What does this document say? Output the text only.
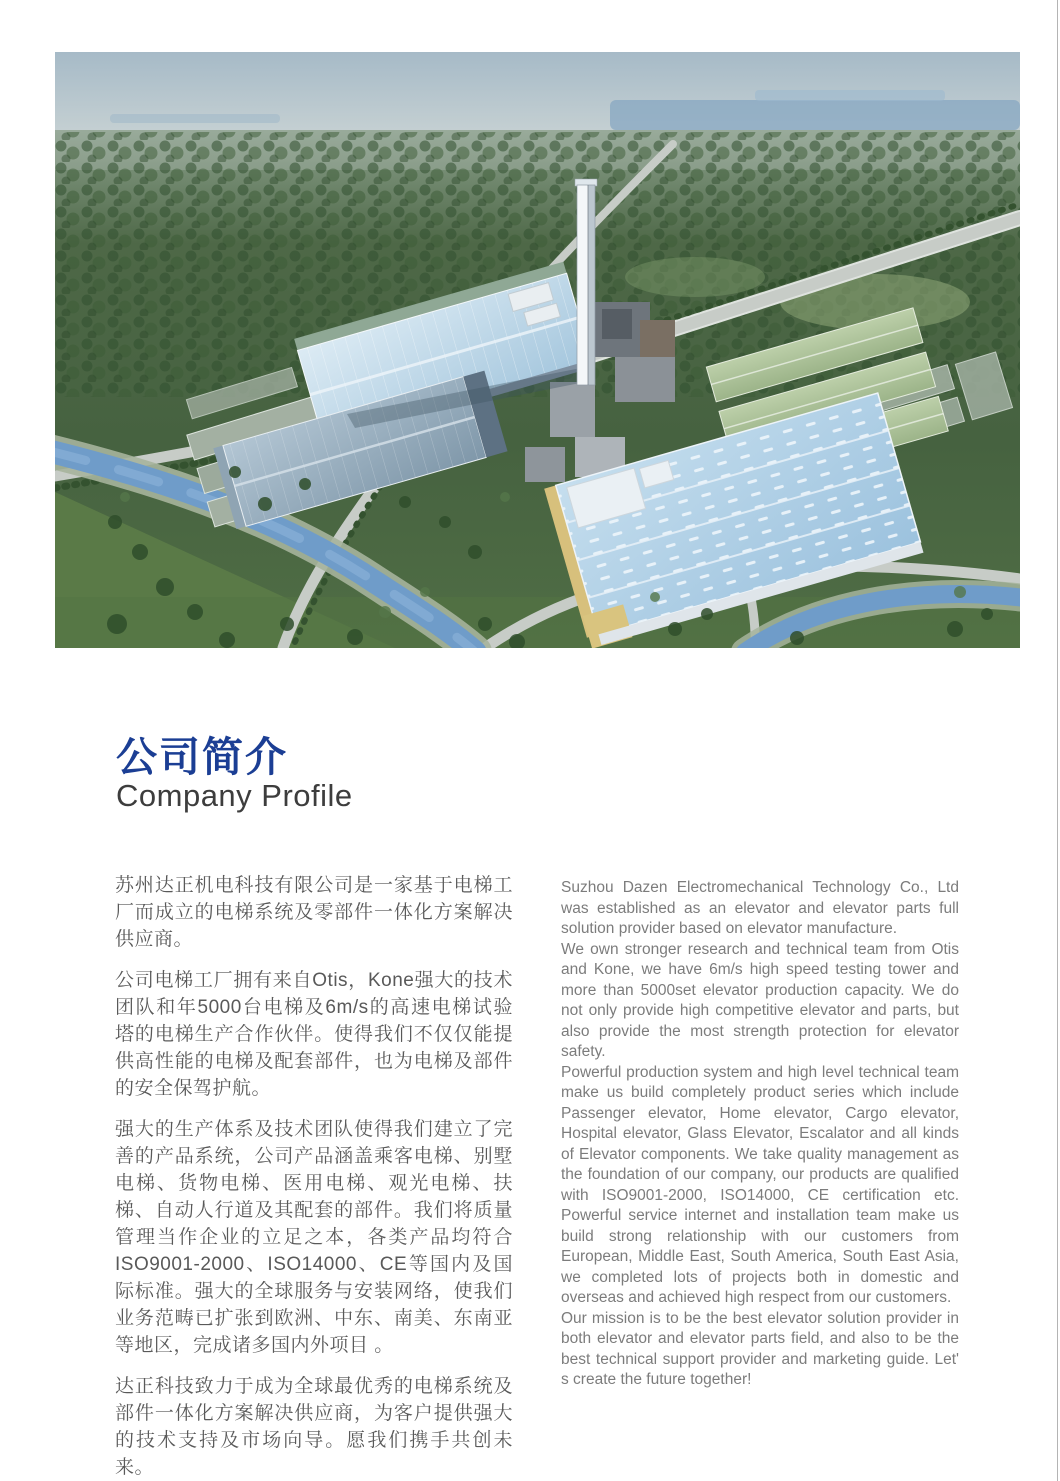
公司简介
Company Profile

苏州达正机电科技有限公司是一家基于电梯工厂而成立的电梯系统及零部件一体化方案解决供应商。

公司电梯工厂拥有来自Otis，Kone强大的技术团队和年5000台电梯及6m/s的高速电梯试验塔的电梯生产合作伙伴。使得我们不仅仅能提供高性能的电梯及配套部件，也为电梯及部件的安全保驾护航。

强大的生产体系及技术团队使得我们建立了完善的产品系统，公司产品涵盖乘客电梯、别墅电梯、货物电梯、医用电梯、观光电梯、扶梯、自动人行道及其配套的部件。我们将质量管理当作企业的立足之本，各类产品均符合ISO9001-2000、ISO14000、CE等国内及国际标准。强大的全球服务与安装网络，使我们业务范畴已扩张到欧洲、中东、南美、东南亚等地区，完成诸多国内外项目 。

达正科技致力于成为全球最优秀的电梯系统及部件一体化方案解决供应商，为客户提供强大的技术支持及市场向导。愿我们携手共创未来。

Suzhou Dazen Electromechanical Technology Co., Ltd was established as an elevator and elevator parts full solution provider based on elevator manufacture.

We own stronger research and technical team from Otis and Kone, we have 6m/s high speed testing tower and more than 5000set elevator production capacity. We do not only provide high competitive elevator and parts, but also provide the most strength protection for elevator safety.

Powerful production system and high level technical team make us build completely product series which include Passenger elevator, Home elevator, Cargo elevator, Hospital elevator, Glass Elevator, Escalator and all kinds of Elevator components. We take quality management as the foundation of our company, our products are qualified with ISO9001-2000, ISO14000, CE certification etc. Powerful service internet and installation team make us build strong relationship with our customers from European, Middle East, South America, South East Asia, we completed lots of projects both in domestic and overseas and achieved high respect from our customers.

Our mission is to be the best elevator solution provider in both elevator and elevator parts field, and also to be the best technical support provider and marketing guide. Let' s create the future together!
